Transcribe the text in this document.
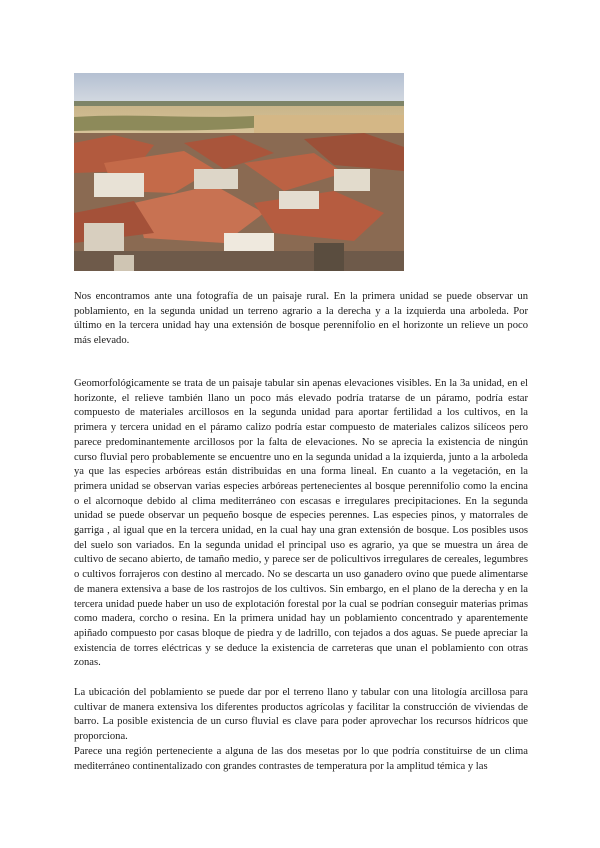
Nos encontramos ante una fotografía de un paisaje rural. En la primera unidad se puede observar un poblamiento, en la segunda unidad un terreno agrario a la derecha y a la izquierda una arboleda. Por último en la tercera unidad hay una extensión de bosque perennifolio en el horizonte un relieve un poco más elevado.

Geomorfológicamente se trata de un paisaje tabular sin apenas elevaciones visibles. En la 3a unidad, en el horizonte, el relieve también llano un poco más elevado podría tratarse de un páramo, podría estar compuesto de materiales arcillosos en la segunda unidad para aportar fertilidad a los cultivos, en la primera y tercera unidad en el páramo calizo podría estar compuesto de materiales calizos silíceos pero parece predominantemente arcillosos por la falta de elevaciones. No se aprecia la existencia de ningún curso fluvial pero probablemente se encuentre uno en la segunda unidad a la izquierda, junto a la arboleda ya que las especies arbóreas están distribuidas en una forma lineal. En cuanto a la vegetación, en la primera unidad se observan varias especies arbóreas pertenecientes al bosque perennifolio como la encina o el alcornoque debido al clima mediterráneo con escasas e irregulares precipitaciones. En la segunda unidad se puede observar un pequeño bosque de especies perennes. Las especies pinos, y matorrales de garriga , al igual que en la tercera unidad, en la cual hay una gran extensión de bosque. Los posibles usos del suelo son variados. En la segunda unidad el principal uso es agrario, ya que se muestra un área de cultivo de secano abierto, de tamaño medio, y parece ser de policultivos irregulares de cereales, legumbres o cultivos forrajeros con destino al mercado. No se descarta un uso ganadero ovino que puede alimentarse de manera extensiva a base de los rastrojos de los cultivos. Sin embargo, en el plano de la derecha y en la tercera unidad puede haber un uso de explotación forestal por la cual se podrían conseguir materias primas como madera, corcho o resina. En la primera unidad hay un poblamiento concentrado y aparentemente apiñado compuesto por casas bloque de piedra y de ladrillo, con tejados a dos aguas. Se puede apreciar la existencia de torres eléctricas y se deduce la existencia de carreteras que unan el poblamiento con otras zonas.

La ubicación del poblamiento se puede dar por el terreno llano y tabular con una litología arcillosa para cultivar de manera extensiva los diferentes productos agrícolas y facilitar la construcción de viviendas de barro. La posible existencia de un curso fluvial es clave para poder aprovechar los recursos hídricos que proporciona.

Parece una región perteneciente a alguna de las dos mesetas por lo que podría constituirse de un clima mediterráneo continentalizado con grandes contrastes de temperatura por la amplitud témica y las
